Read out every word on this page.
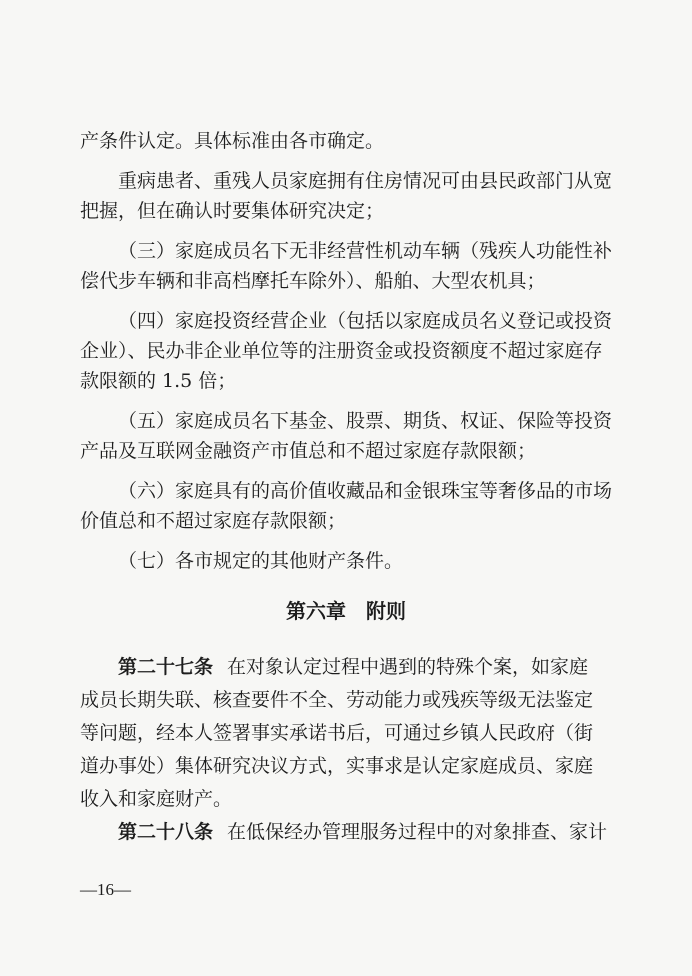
产条件认定。具体标准由各市确定。
重病患者、重残人员家庭拥有住房情况可由县民政部门从宽
把握，但在确认时要集体研究决定；
（三）家庭成员名下无非经营性机动车辆（残疾人功能性补
偿代步车辆和非高档摩托车除外）、船舶、大型农机具；
（四）家庭投资经营企业（包括以家庭成员名义登记或投资
企业）、民办非企业单位等的注册资金或投资额度不超过家庭存
款限额的 1.5 倍；
（五）家庭成员名下基金、股票、期货、权证、保险等投资
产品及互联网金融资产市值总和不超过家庭存款限额；
（六）家庭具有的高价值收藏品和金银珠宝等奢侈品的市场
价值总和不超过家庭存款限额；
（七）各市规定的其他财产条件。
第六章　附则
第二十七条 在对象认定过程中遇到的特殊个案，如家庭
成员长期失联、核查要件不全、劳动能力或残疾等级无法鉴定
等问题，经本人签署事实承诺书后，可通过乡镇人民政府（街
道办事处）集体研究决议方式，实事求是认定家庭成员、家庭
收入和家庭财产。
第二十八条 在低保经办管理服务过程中的对象排查、家计
—16—
